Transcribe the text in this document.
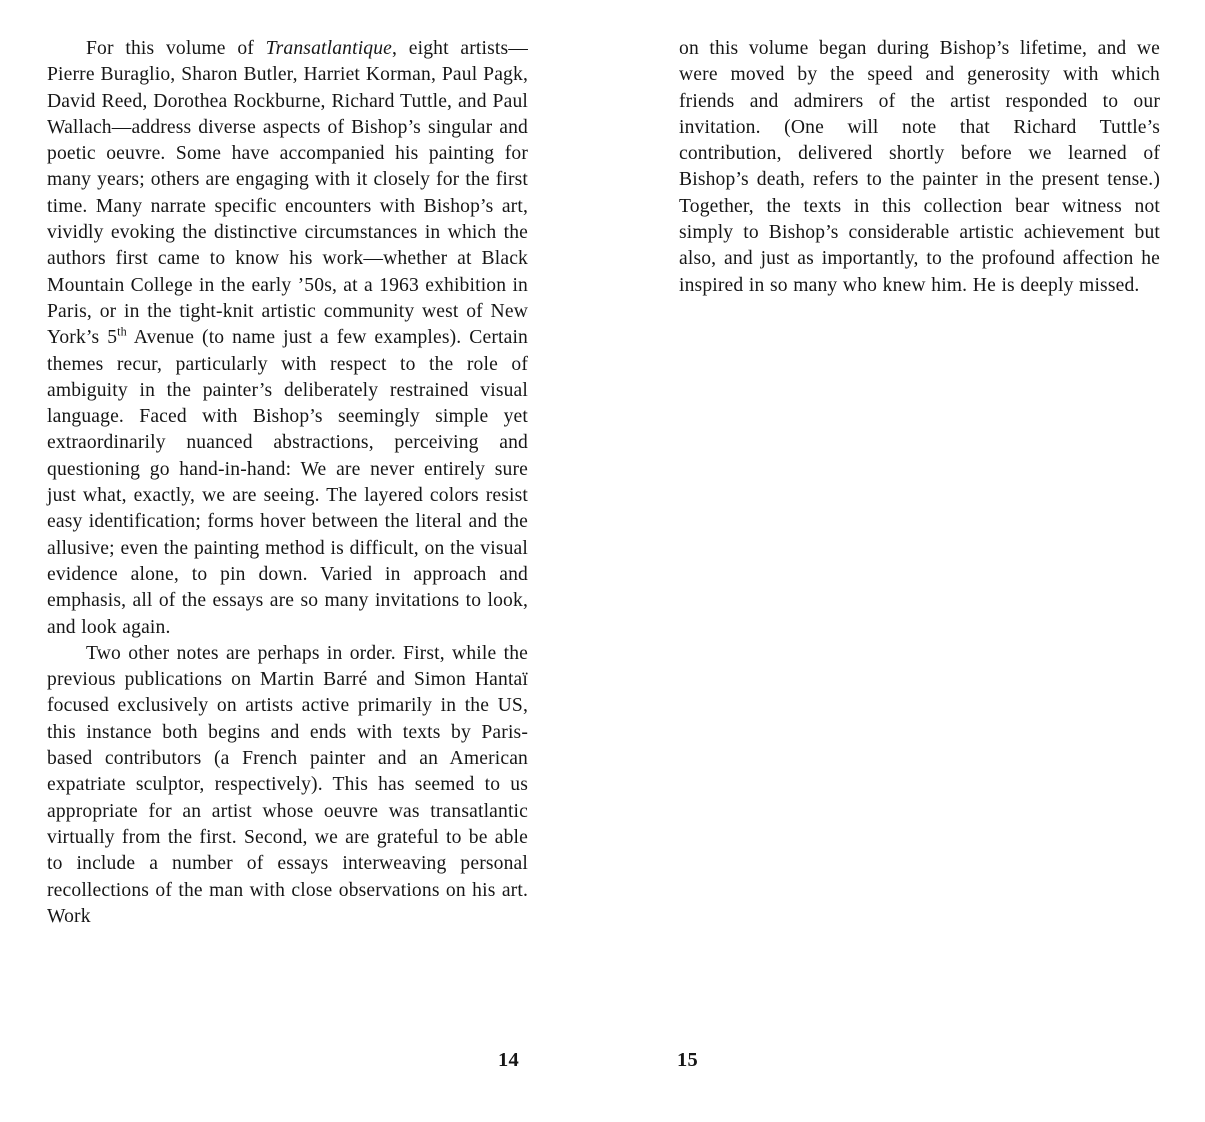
For this volume of Transatlantique, eight artists—Pierre Buraglio, Sharon Butler, Harriet Korman, Paul Pagk, David Reed, Dorothea Rockburne, Richard Tuttle, and Paul Wallach—address diverse aspects of Bishop’s singular and poetic oeuvre. Some have accompanied his painting for many years; others are engaging with it closely for the first time. Many narrate specific encounters with Bishop’s art, vividly evoking the distinctive circumstances in which the authors first came to know his work—whether at Black Mountain College in the early ’50s, at a 1963 exhibition in Paris, or in the tight-knit artistic community west of New York’s 5th Avenue (to name just a few examples). Certain themes recur, particularly with respect to the role of ambiguity in the painter’s deliberately restrained visual language. Faced with Bishop’s seemingly simple yet extraordinarily nuanced abstractions, perceiving and questioning go hand-in-hand: We are never entirely sure just what, exactly, we are seeing. The layered colors resist easy identification; forms hover between the literal and the allusive; even the painting method is difficult, on the visual evidence alone, to pin down. Varied in approach and emphasis, all of the essays are so many invitations to look, and look again.

Two other notes are perhaps in order. First, while the previous publications on Martin Barré and Simon Hantaï focused exclusively on artists active primarily in the US, this instance both begins and ends with texts by Paris-based contributors (a French painter and an American expatriate sculptor, respectively). This has seemed to us appropriate for an artist whose oeuvre was transatlantic virtually from the first. Second, we are grateful to be able to include a number of essays interweaving personal recollections of the man with close observations on his art. Work

on this volume began during Bishop’s lifetime, and we were moved by the speed and generosity with which friends and admirers of the artist responded to our invitation. (One will note that Richard Tuttle’s contribution, delivered shortly before we learned of Bishop’s death, refers to the painter in the present tense.) Together, the texts in this collection bear witness not simply to Bishop’s considerable artistic achievement but also, and just as importantly, to the profound affection he inspired in so many who knew him. He is deeply missed.

14	15
